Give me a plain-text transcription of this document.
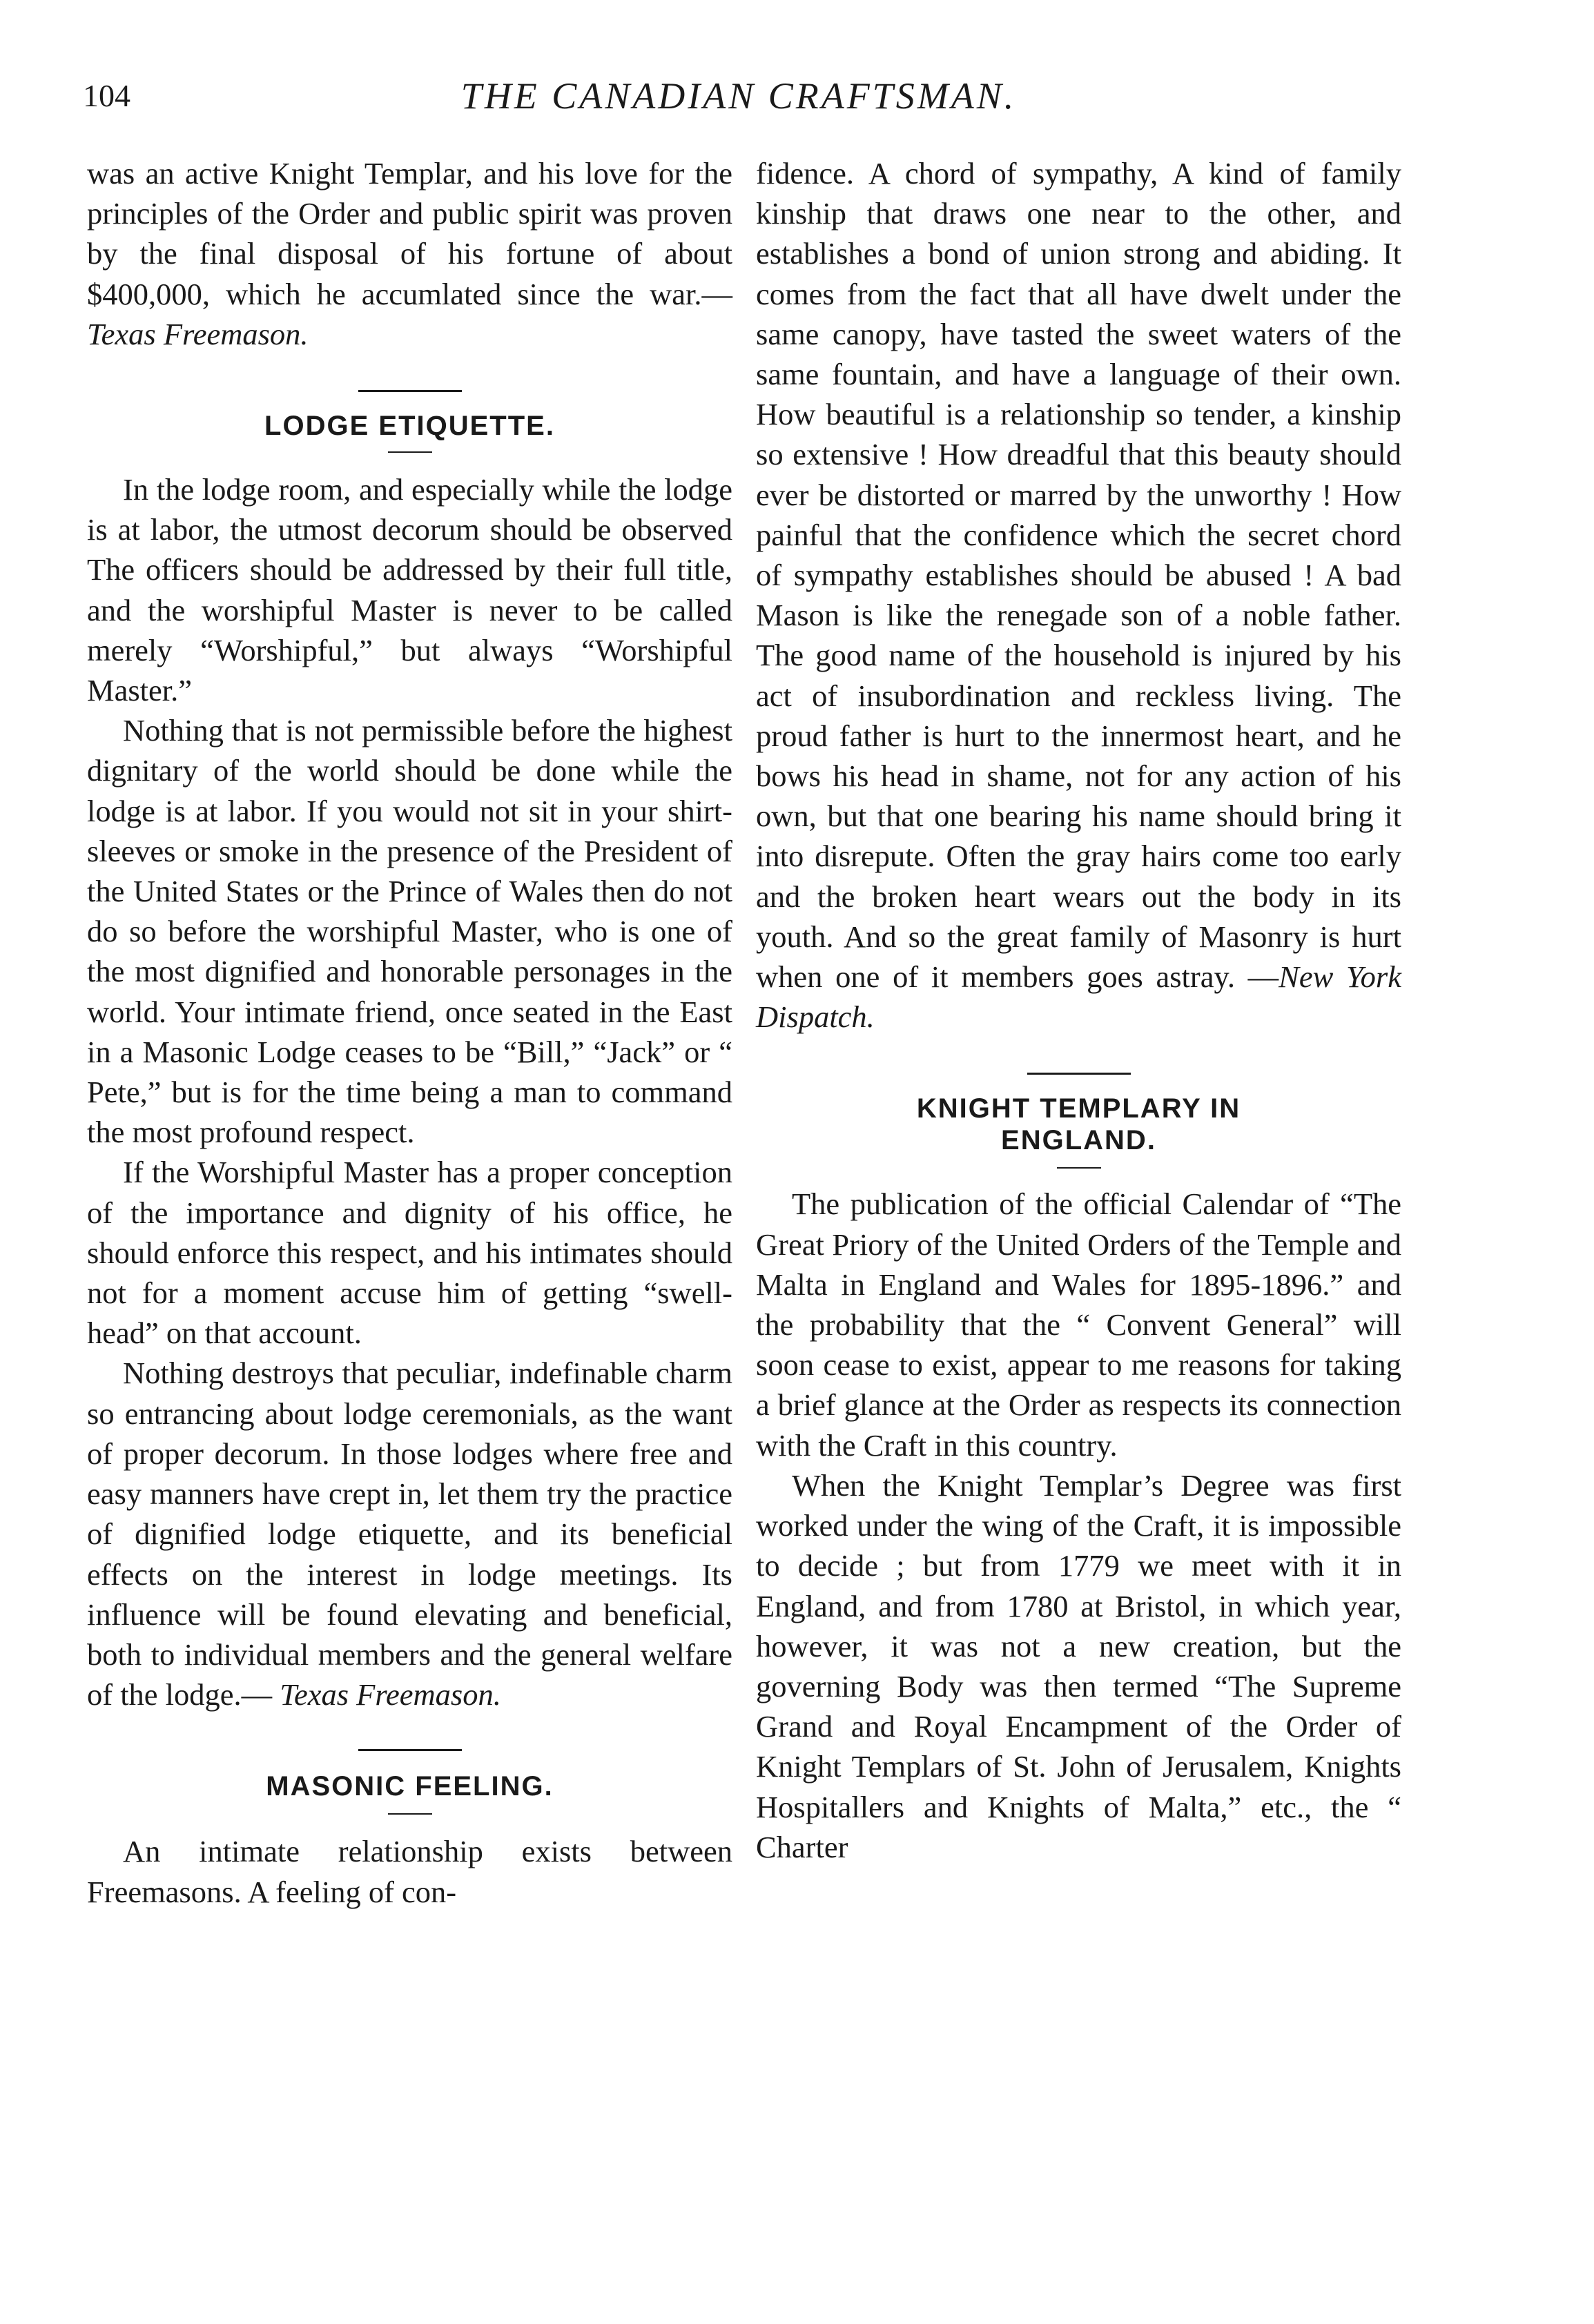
104	THE CANADIAN CRAFTSMAN.

was an active Knight Templar, and his love for the principles of the Order and public spirit was proven by the final disposal of his fortune of about $400,000, which he accumlated since the war.—Texas Freemason.

LODGE ETIQUETTE.

In the lodge room, and especially while the lodge is at labor, the utmost decorum should be observed The officers should be addressed by their full title, and the worshipful Master is never to be called merely “Worshipful,” but always “Worshipful Master.”

Nothing that is not permissible before the highest dignitary of the world should be done while the lodge is at labor. If you would not sit in your shirt-sleeves or smoke in the presence of the President of the United States or the Prince of Wales then do not do so before the worshipful Master, who is one of the most dignified and honorable personages in the world. Your intimate friend, once seated in the East in a Masonic Lodge ceases to be “Bill,” “Jack” or “ Pete,” but is for the time being a man to command the most profound respect.

If the Worshipful Master has a proper conception of the importance and dignity of his office, he should enforce this respect, and his intimates should not for a moment accuse him of getting “swell-head” on that account.

Nothing destroys that peculiar, indefinable charm so entrancing about lodge ceremonials, as the want of proper decorum. In those lodges where free and easy manners have crept in, let them try the practice of dignified lodge etiquette, and its beneficial effects on the interest in lodge meetings. Its influence will be found elevating and beneficial, both to individual members and the general welfare of the lodge.— Texas Freemason.

MASONIC FEELING.

An intimate relationship exists between Freemasons. A feeling of con-

fidence. A chord of sympathy, A kind of family kinship that draws one near to the other, and establishes a bond of union strong and abiding. It comes from the fact that all have dwelt under the same canopy, have tasted the sweet waters of the same fountain, and have a language of their own. How beautiful is a relationship so tender, a kinship so extensive ! How dreadful that this beauty should ever be distorted or marred by the unworthy ! How painful that the confidence which the secret chord of sympathy establishes should be abused ! A bad Mason is like the renegade son of a noble father. The good name of the household is injured by his act of insubordination and reckless living. The proud father is hurt to the innermost heart, and he bows his head in shame, not for any action of his own, but that one bearing his name should bring it into disrepute. Often the gray hairs come too early and the broken heart wears out the body in its youth. And so the great family of Masonry is hurt when one of it members goes astray. —New York Dispatch.

KNIGHT TEMPLARY IN
ENGLAND.

The publication of the official Calendar of “The Great Priory of the United Orders of the Temple and Malta in England and Wales for 1895-1896.” and the probability that the “ Convent General” will soon cease to exist, appear to me reasons for taking a brief glance at the Order as respects its connection with the Craft in this country.

When the Knight Templar’s Degree was first worked under the wing of the Craft, it is impossible to decide ; but from 1779 we meet with it in England, and from 1780 at Bristol, in which year, however, it was not a new creation, but the governing Body was then termed “The Supreme Grand and Royal Encampment of the Order of Knight Templars of St. John of Jerusalem, Knights Hospitallers and Knights of Malta,” etc., the “ Charter
